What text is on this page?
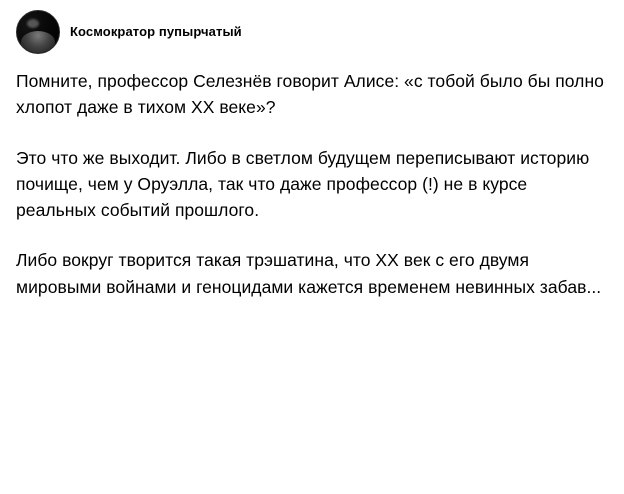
Космократор пупырчатый

Помните, профессор Селезнёв говорит Алисе: «с тобой было бы полно хлопот даже в тихом XX веке»?

Это что же выходит. Либо в светлом будущем переписывают историю почище, чем у Оруэлла, так что даже профессор (!) не в курсе реальных событий прошлого.

Либо вокруг творится такая трэшатина, что XX век с его двумя мировыми войнами и геноцидами кажется временем невинных забав...
